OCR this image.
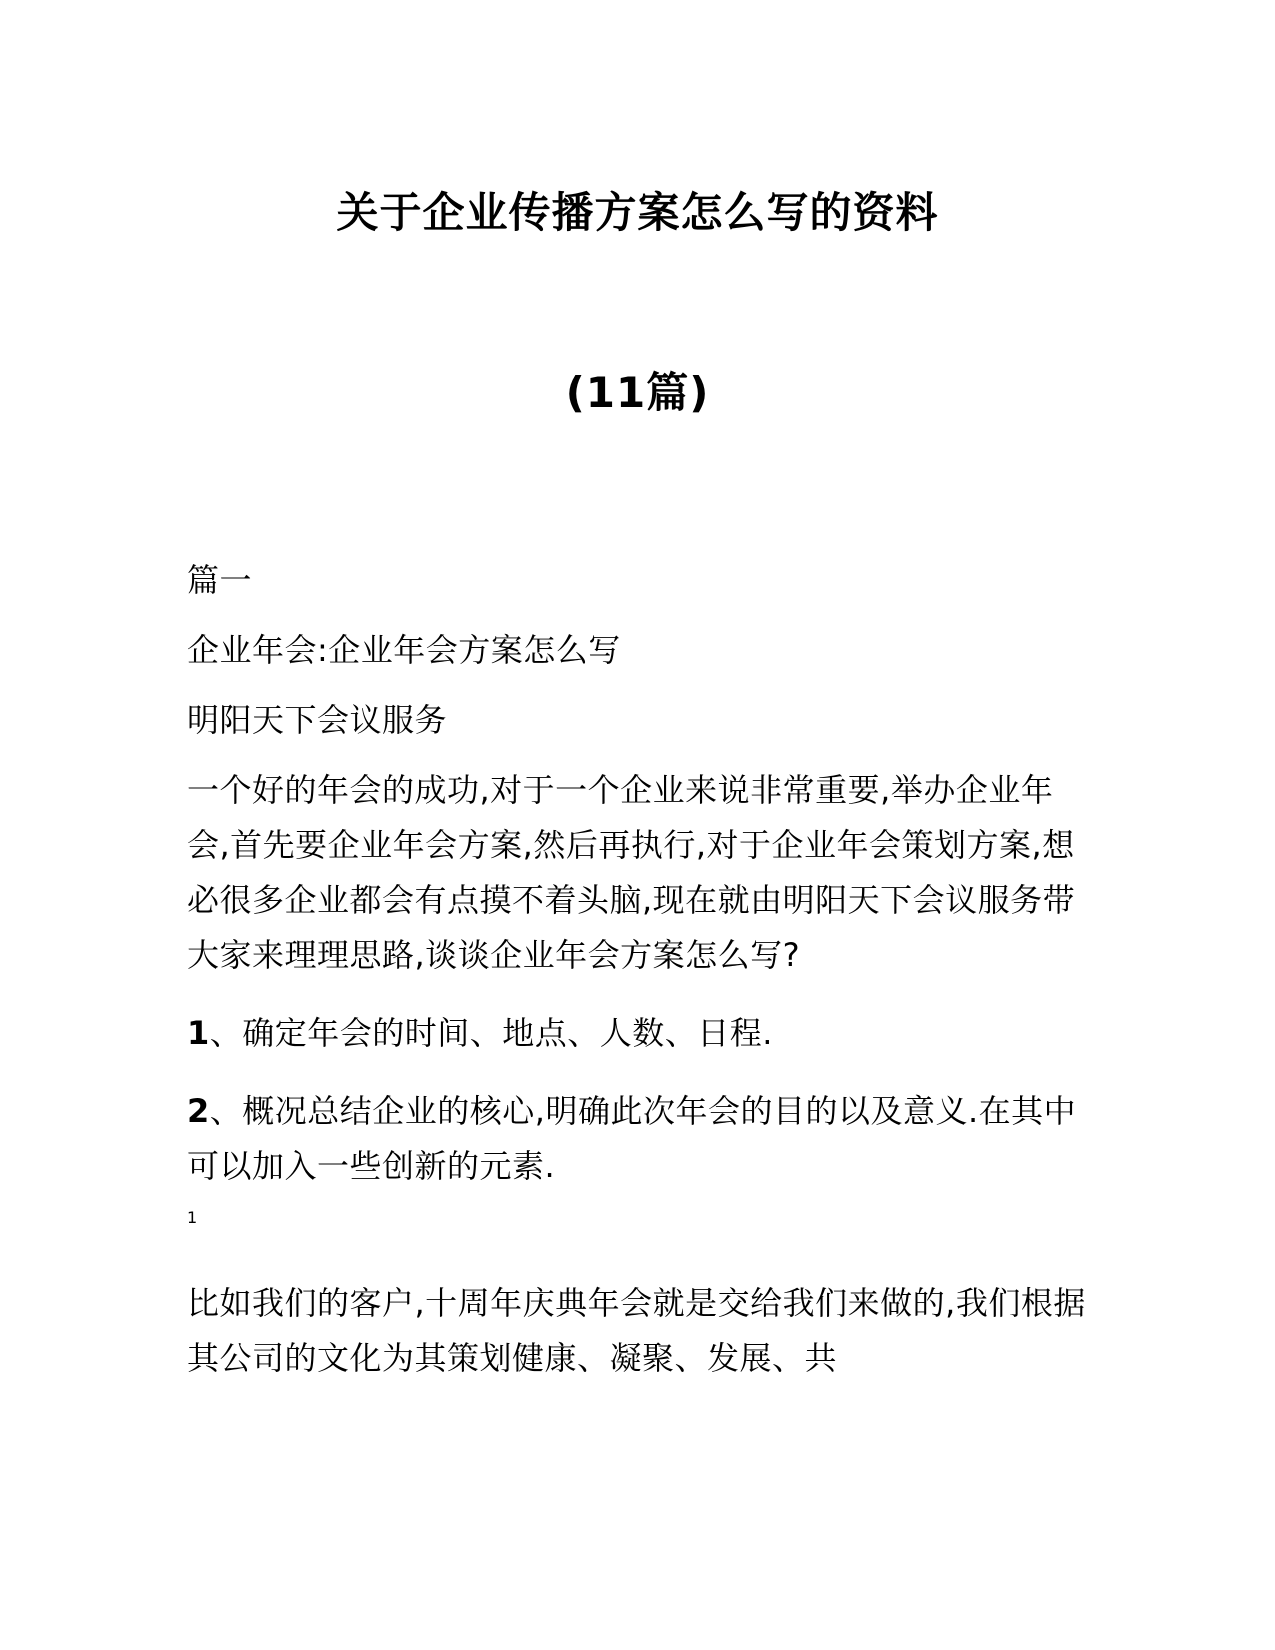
关于企业传播方案怎么写的资料
(11篇)

篇一

企业年会:企业年会方案怎么写

明阳天下会议服务

一个好的年会的成功,对于一个企业来说非常重要,举办企业年会,首先要企业年会方案,然后再执行,对于企业年会策划方案,想必很多企业都会有点摸不着头脑,现在就由明阳天下会议服务带大家来理理思路,谈谈企业年会方案怎么写?

1、确定年会的时间、地点、人数、日程.

2、概况总结企业的核心,明确此次年会的目的以及意义.在其中可以加入一些创新的元素.

1

比如我们的客户,十周年庆典年会就是交给我们来做的,我们根据其公司的文化为其策划健康、凝聚、发展、共
